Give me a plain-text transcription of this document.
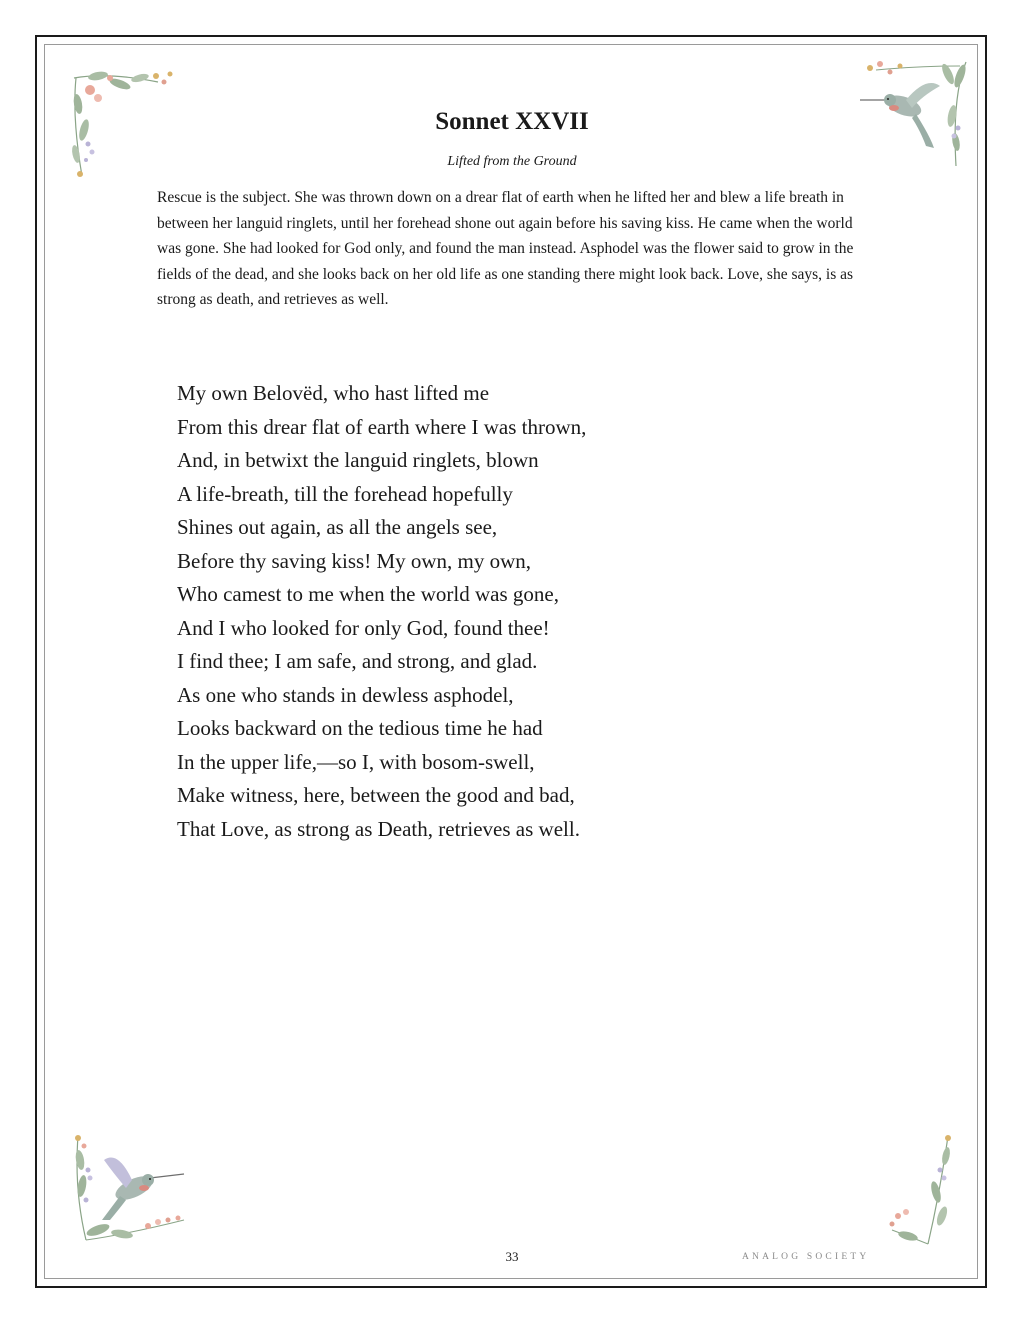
Sonnet XXVII

Lifted from the Ground

Rescue is the subject. She was thrown down on a drear flat of earth when he lifted her and blew a life breath in between her languid ringlets, until her forehead shone out again before his saving kiss. He came when the world was gone. She had looked for God only, and found the man instead. Asphodel was the flower said to grow in the fields of the dead, and she looks back on her old life as one standing there might look back. Love, she says, is as strong as death, and retrieves as well.

My own Belovëd, who hast lifted me
From this drear flat of earth where I was thrown,
And, in betwixt the languid ringlets, blown
A life-breath, till the forehead hopefully
Shines out again, as all the angels see,
Before thy saving kiss! My own, my own,
Who camest to me when the world was gone,
And I who looked for only God, found thee!
I find thee; I am safe, and strong, and glad.
As one who stands in dewless asphodel,
Looks backward on the tedious time he had
In the upper life,—so I, with bosom-swell,
Make witness, here, between the good and bad,
That Love, as strong as Death, retrieves as well.
33	ANALOG SOCIETY
